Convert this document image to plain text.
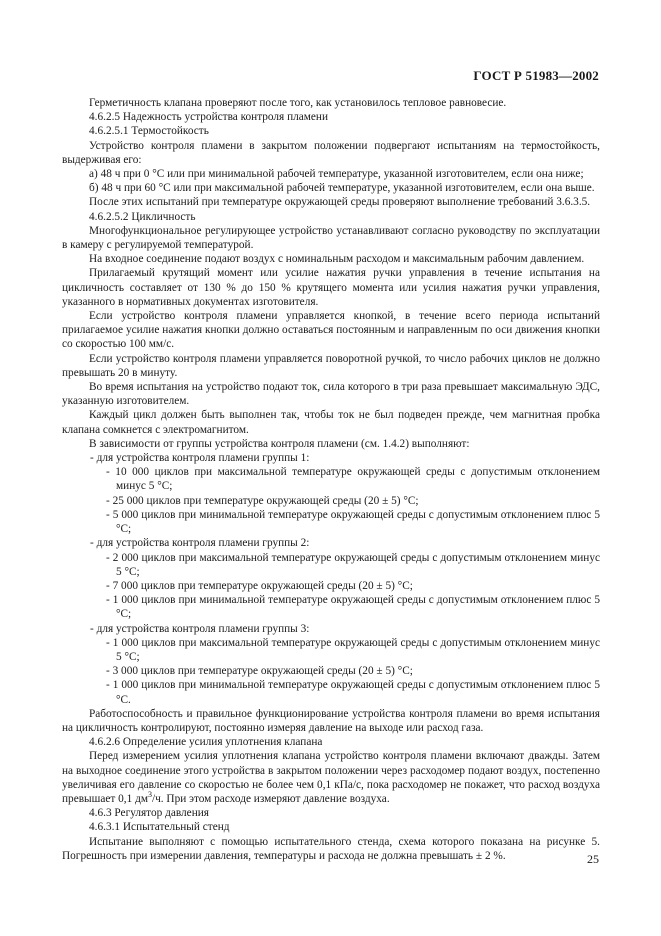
ГОСТ Р 51983—2002

Герметичность клапана проверяют после того, как установилось тепловое равновесие.

4.6.2.5 Надежность устройства контроля пламени

4.6.2.5.1 Термостойкость

Устройство контроля пламени в закрытом положении подвергают испытаниям на термостойкость, выдерживая его:

а) 48 ч при 0 °С или при минимальной рабочей температуре, указанной изготовителем, если она ниже;

б) 48 ч при 60 °С или при максимальной рабочей температуре, указанной изготовителем, если она выше.

После этих испытаний при температуре окружающей среды проверяют выполнение требований 3.6.3.5.

4.6.2.5.2 Цикличность

Многофункциональное регулирующее устройство устанавливают согласно руководству по эксплуатации в камеру с регулируемой температурой.

На входное соединение подают воздух с номинальным расходом и максимальным рабочим давлением.

Прилагаемый крутящий момент или усилие нажатия ручки управления в течение испытания на цикличность составляет от 130 % до 150 % крутящего момента или усилия нажатия ручки управления, указанного в нормативных документах изготовителя.

Если устройство контроля пламени управляется кнопкой, в течение всего периода испытаний прилагаемое усилие нажатия кнопки должно оставаться постоянным и направленным по оси движения кнопки со скоростью 100 мм/с.

Если устройство контроля пламени управляется поворотной ручкой, то число рабочих циклов не должно превышать 20 в минуту.

Во время испытания на устройство подают ток, сила которого в три раза превышает максимальную ЭДС, указанную изготовителем.

Каждый цикл должен быть выполнен так, чтобы ток не был подведен прежде, чем магнитная пробка клапана сомкнется с электромагнитом.

В зависимости от группы устройства контроля пламени (см. 1.4.2) выполняют:

- для устройства контроля пламени группы 1:

- 10 000 циклов при максимальной температуре окружающей среды с допустимым отклонением минус 5 °С;

- 25 000 циклов при температуре окружающей среды (20 ± 5) °С;

- 5 000 циклов при минимальной температуре окружающей среды с допустимым отклонением плюс 5 °С;

- для устройства контроля пламени группы 2:

- 2 000 циклов при максимальной температуре окружающей среды с допустимым отклонением минус 5 °С;

- 7 000 циклов при температуре окружающей среды (20 ± 5) °С;

- 1 000 циклов при минимальной температуре окружающей среды с допустимым отклонением плюс 5 °С;

- для устройства контроля пламени группы 3:

- 1 000 циклов при максимальной температуре окружающей среды с допустимым отклонением минус 5 °С;

- 3 000 циклов при температуре окружающей среды (20 ± 5) °С;

- 1 000 циклов при минимальной температуре окружающей среды с допустимым отклонением плюс 5 °С.

Работоспособность и правильное функционирование устройства контроля пламени во время испытания на цикличность контролируют, постоянно измеряя давление на выходе или расход газа.

4.6.2.6 Определение усилия уплотнения клапана

Перед измерением усилия уплотнения клапана устройство контроля пламени включают дважды. Затем на выходное соединение этого устройства в закрытом положении через расходомер подают воздух, постепенно увеличивая его давление со скоростью не более чем 0,1 кПа/с, пока расходомер не покажет, что расход воздуха превышает 0,1 $дм^3/ч$. При этом расходе измеряют давление воздуха.

4.6.3 Регулятор давления

4.6.3.1 Испытательный стенд

Испытание выполняют с помощью испытательного стенда, схема которого показана на рисунке 5. Погрешность при измерении давления, температуры и расхода не должна превышать ± 2 %.	25
